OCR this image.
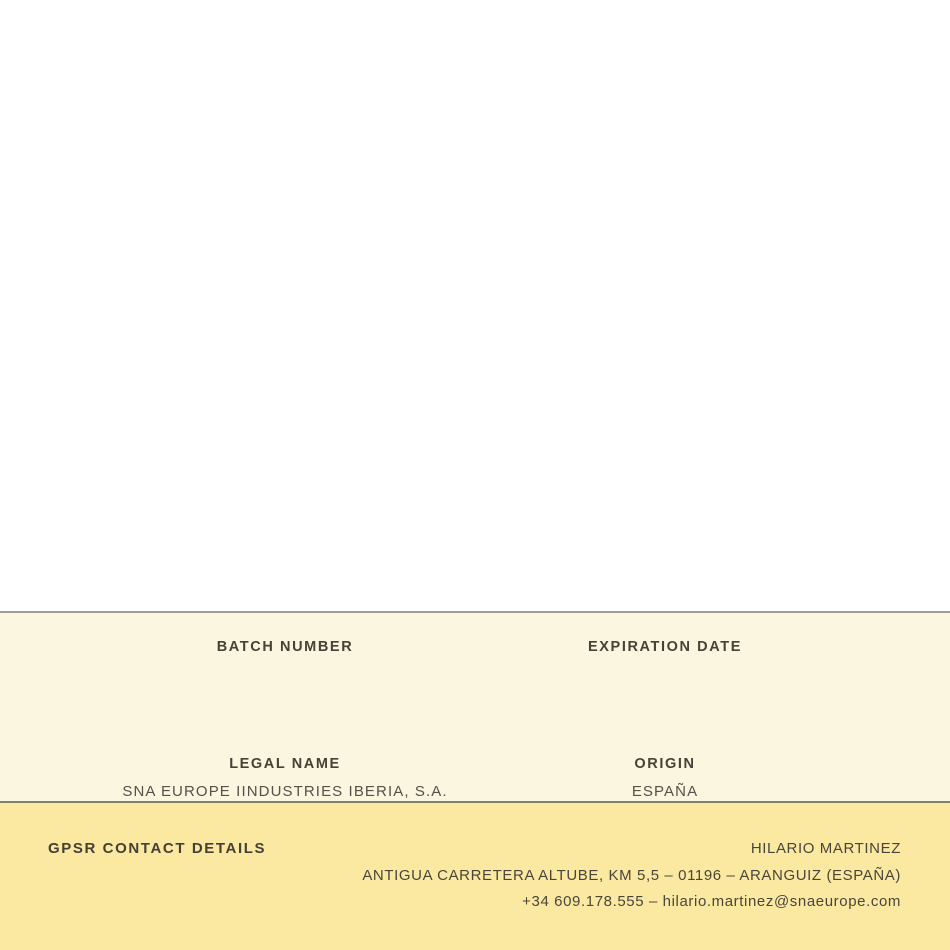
BATCH NUMBER	EXPIRATION DATE
LEGAL NAME
SNA EUROPE IINDUSTRIES IBERIA, S.A.
ORIGIN
ESPAÑA
GPSR CONTACT DETAILS	HILARIO MARTINEZ
ANTIGUA CARRETERA ALTUBE, KM 5,5 – 01196 – ARANGUIZ (ESPAÑA)
+34 609.178.555 – hilario.martinez@snaeurope.com
